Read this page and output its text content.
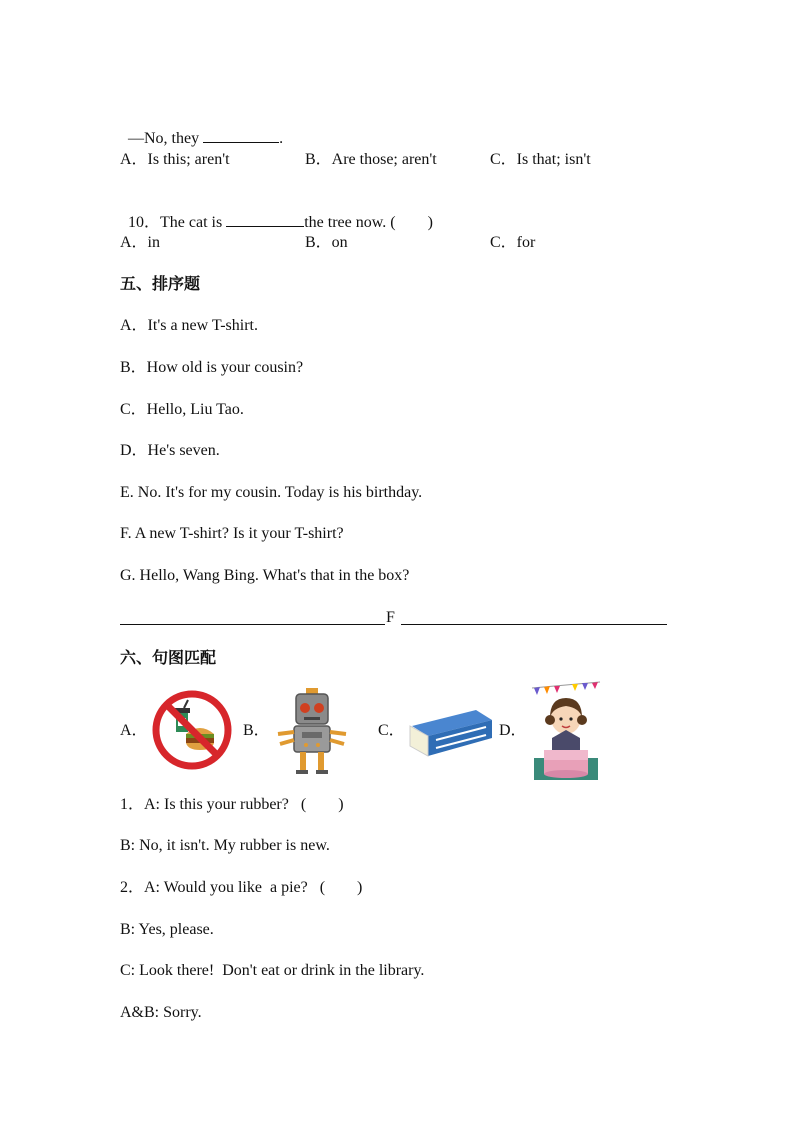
—No, they	.

A．Is this; aren't	B．Are those; aren't	C．Is that; isn't

10．The cat is	the tree now. (　　)

A．in	B．on	C．for
五、排序题
A．It's a new T-shirt.
B．How old is your cousin?
C．Hello, Liu Tao.
D．He's seven.
E. No. It's for my cousin. Today is his birthday.
F. A new T-shirt? Is it your T-shirt?
G. Hello, Wang Bing. What's that in the box?
F
六、句图匹配
A．	B．	C．	D．
1．A: Is this your rubber?   (　　)
B: No, it isn't. My rubber is new.
2．A: Would you like  a pie?   (　　)
B: Yes, please.
C: Look there!  Don't eat or drink in the library.
A&B: Sorry.
